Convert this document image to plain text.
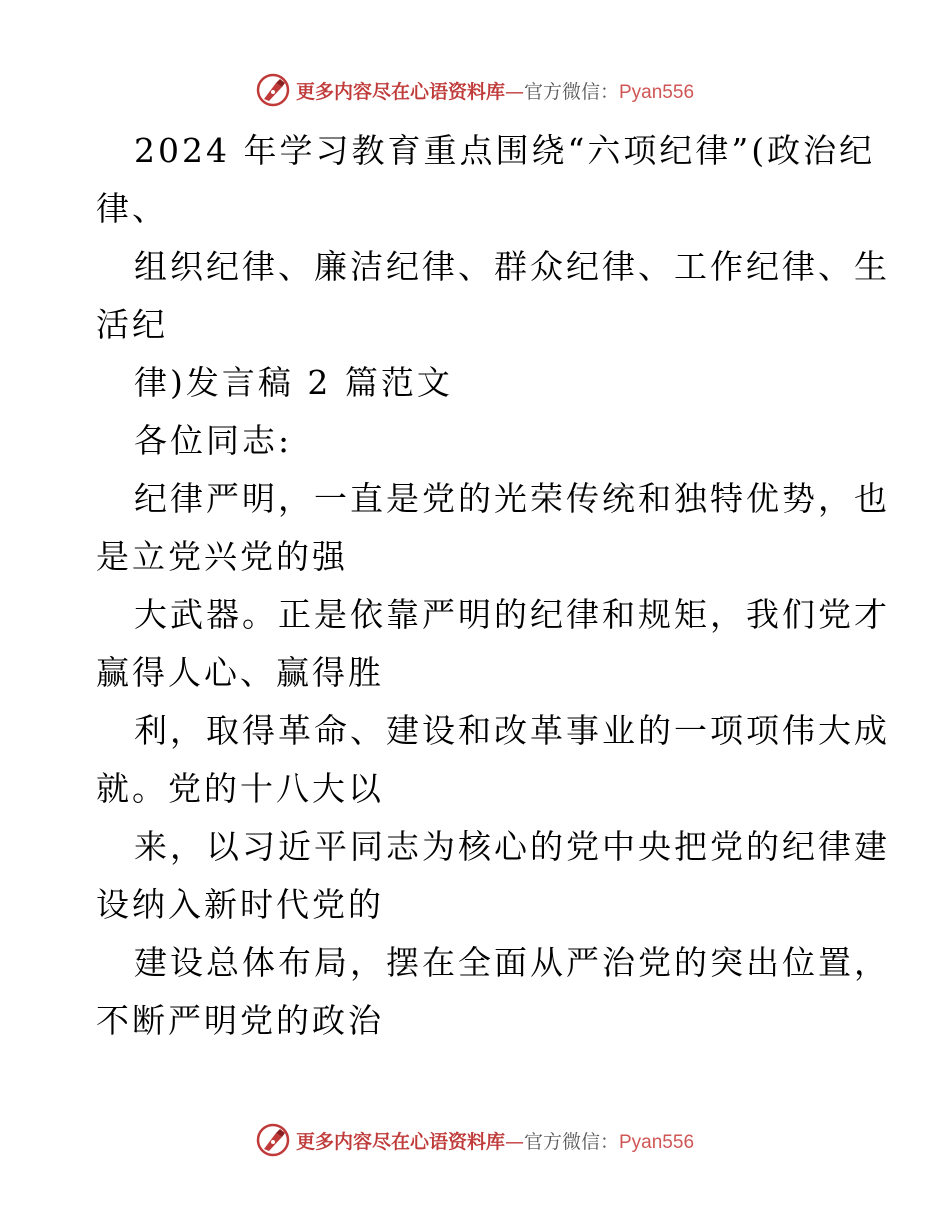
更多内容尽在心语资料库—官方微信：Pyan556
2024 年学习教育重点围绕“六项纪律”(政治纪
律、
组织纪律、廉洁纪律、群众纪律、工作纪律、生
活纪
律)发言稿 2 篇范文
各位同志:
纪律严明，一直是党的光荣传统和独特优势，也
是立党兴党的强
大武器。正是依靠严明的纪律和规矩，我们党才
赢得人心、赢得胜
利，取得革命、建设和改革事业的一项项伟大成
就。党的十八大以
来，以习近平同志为核心的党中央把党的纪律建
设纳入新时代党的
建设总体布局，摆在全面从严治党的突出位置，
不断严明党的政治
更多内容尽在心语资料库—官方微信：Pyan556
